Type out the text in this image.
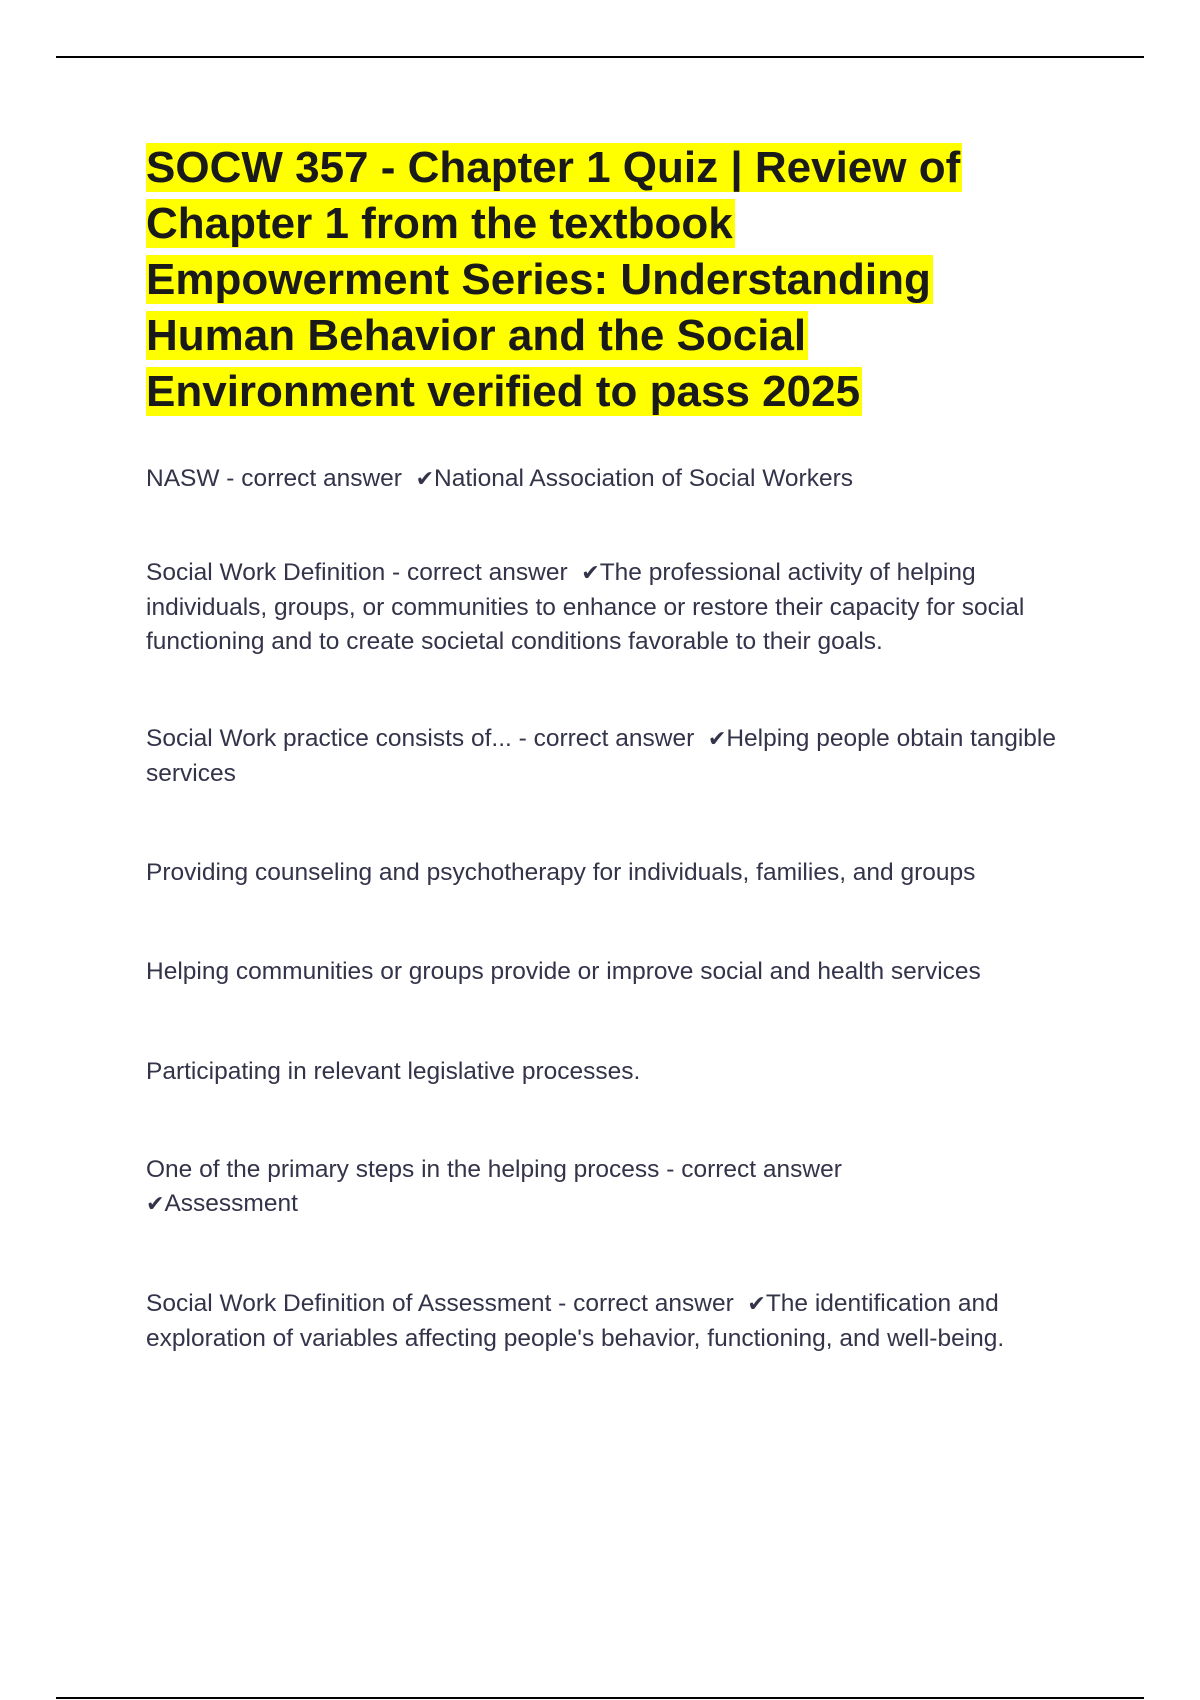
SOCW 357 - Chapter 1 Quiz | Review of Chapter 1 from the textbook Empowerment Series: Understanding Human Behavior and the Social Environment verified to pass 2025

NASW - correct answer ✔National Association of Social Workers

Social Work Definition - correct answer ✔The professional activity of helping individuals, groups, or communities to enhance or restore their capacity for social functioning and to create societal conditions favorable to their goals.

Social Work practice consists of... - correct answer ✔Helping people obtain tangible services

Providing counseling and psychotherapy for individuals, families, and groups

Helping communities or groups provide or improve social and health services

Participating in relevant legislative processes.

One of the primary steps in the helping process - correct answer
✔Assessment

Social Work Definition of Assessment - correct answer ✔The identification and exploration of variables affecting people's behavior, functioning, and well-being.
